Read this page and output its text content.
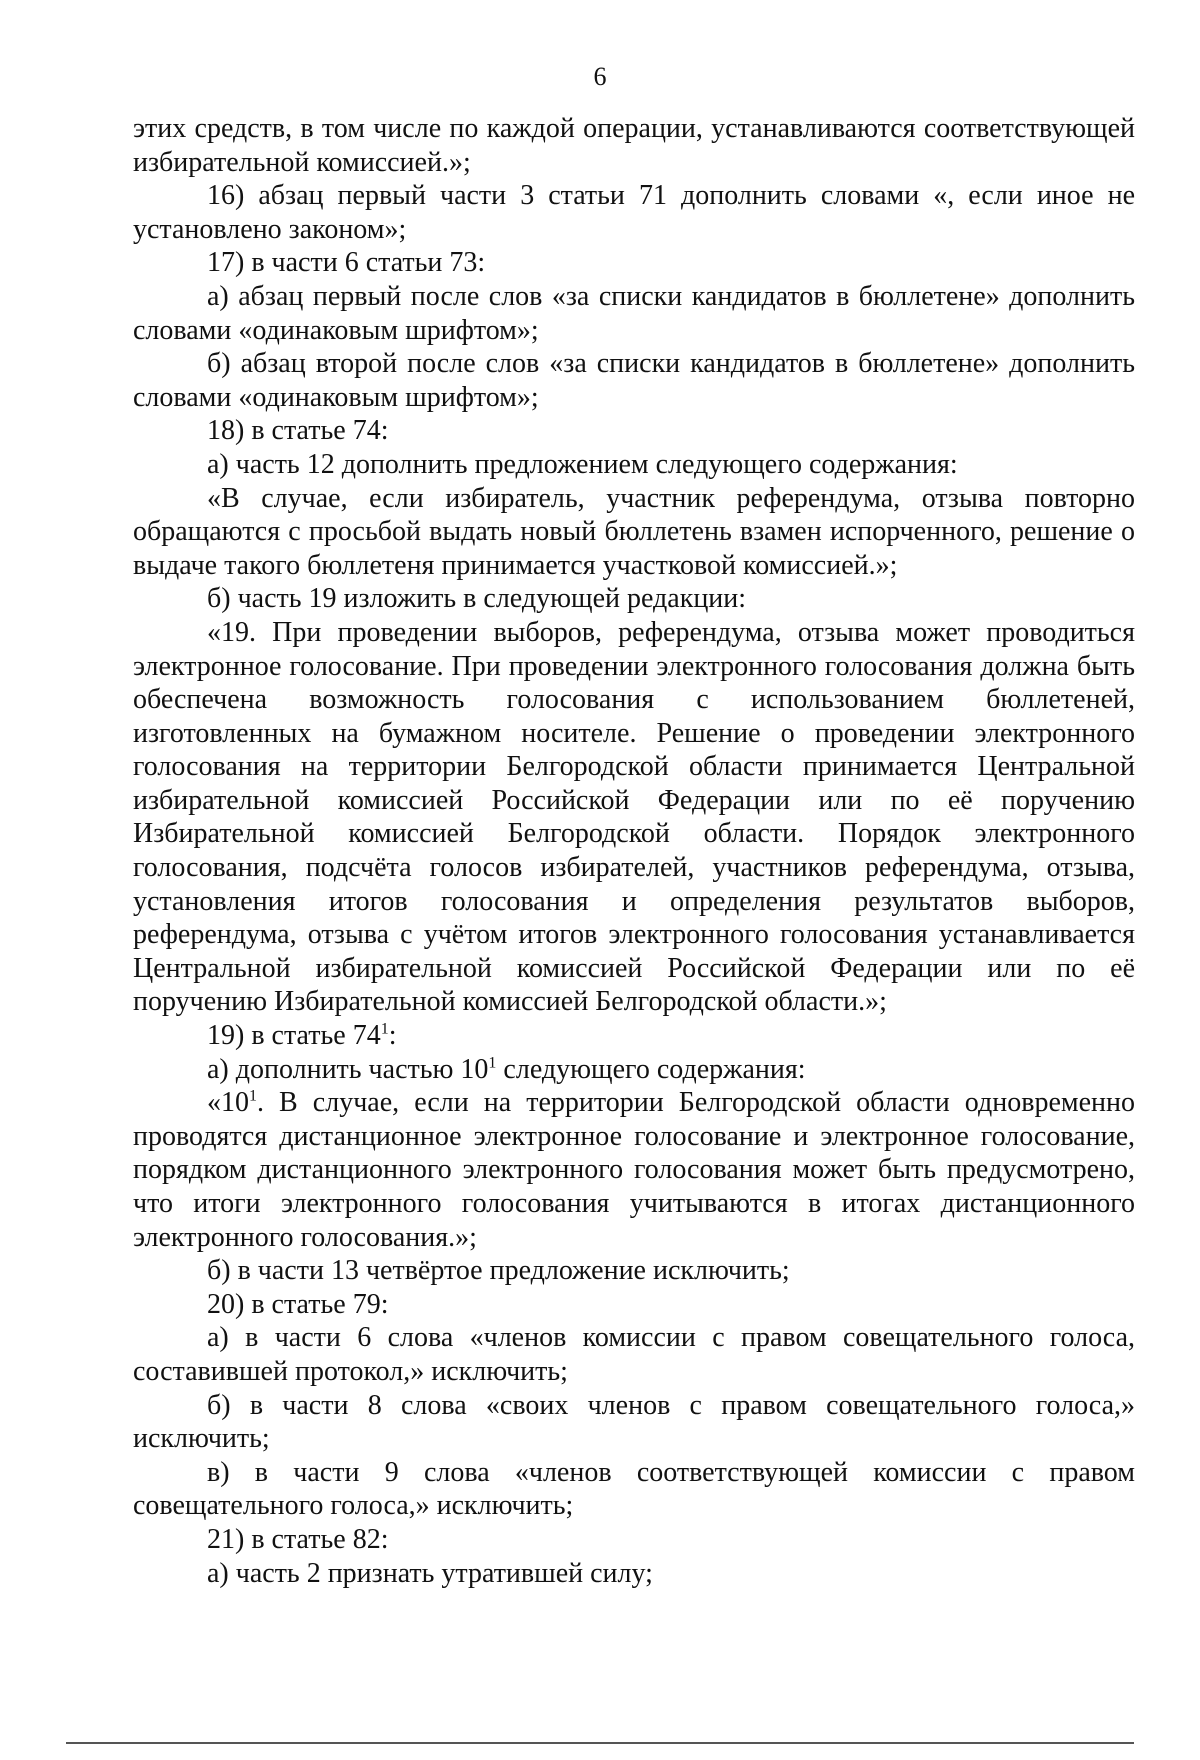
6

этих средств, в том числе по каждой операции, устанавливаются соответствующей избирательной комиссией.»;

16) абзац первый части 3 статьи 71 дополнить словами «, если иное не установлено законом»;

17) в части 6 статьи 73:

а) абзац первый после слов «за списки кандидатов в бюллетене» дополнить словами «одинаковым шрифтом»;

б) абзац второй после слов «за списки кандидатов в бюллетене» дополнить словами «одинаковым шрифтом»;

18) в статье 74:

а) часть 12 дополнить предложением следующего содержания:

«В случае, если избиратель, участник референдума, отзыва повторно обращаются с просьбой выдать новый бюллетень взамен испорченного, решение о выдаче такого бюллетеня принимается участковой комиссией.»;

б) часть 19 изложить в следующей редакции:

«19. При проведении выборов, референдума, отзыва может проводиться электронное голосование. При проведении электронного голосования должна быть обеспечена возможность голосования с использованием бюллетеней, изготовленных на бумажном носителе. Решение о проведении электронного голосования на территории Белгородской области принимается Центральной избирательной комиссией Российской Федерации или по её поручению Избирательной комиссией Белгородской области. Порядок электронного голосования, подсчёта голосов избирателей, участников референдума, отзыва, установления итогов голосования и определения результатов выборов, референдума, отзыва с учётом итогов электронного голосования устанавливается Центральной избирательной комиссией Российской Федерации или по её поручению Избирательной комиссией Белгородской области.»;

19) в статье $74^1$:

а) дополнить частью $10^1$ следующего содержания:

«$10^1$. В случае, если на территории Белгородской области одновременно проводятся дистанционное электронное голосование и электронное голосование, порядком дистанционного электронного голосования может быть предусмотрено, что итоги электронного голосования учитываются в итогах дистанционного электронного голосования.»;

б) в части 13 четвёртое предложение исключить;

20) в статье 79:

а) в части 6 слова «членов комиссии с правом совещательного голоса, составившей протокол,» исключить;

б) в части 8 слова «своих членов с правом совещательного голоса,» исключить;

в) в части 9 слова «членов соответствующей комиссии с правом совещательного голоса,» исключить;

21) в статье 82:

а) часть 2 признать утратившей силу;
